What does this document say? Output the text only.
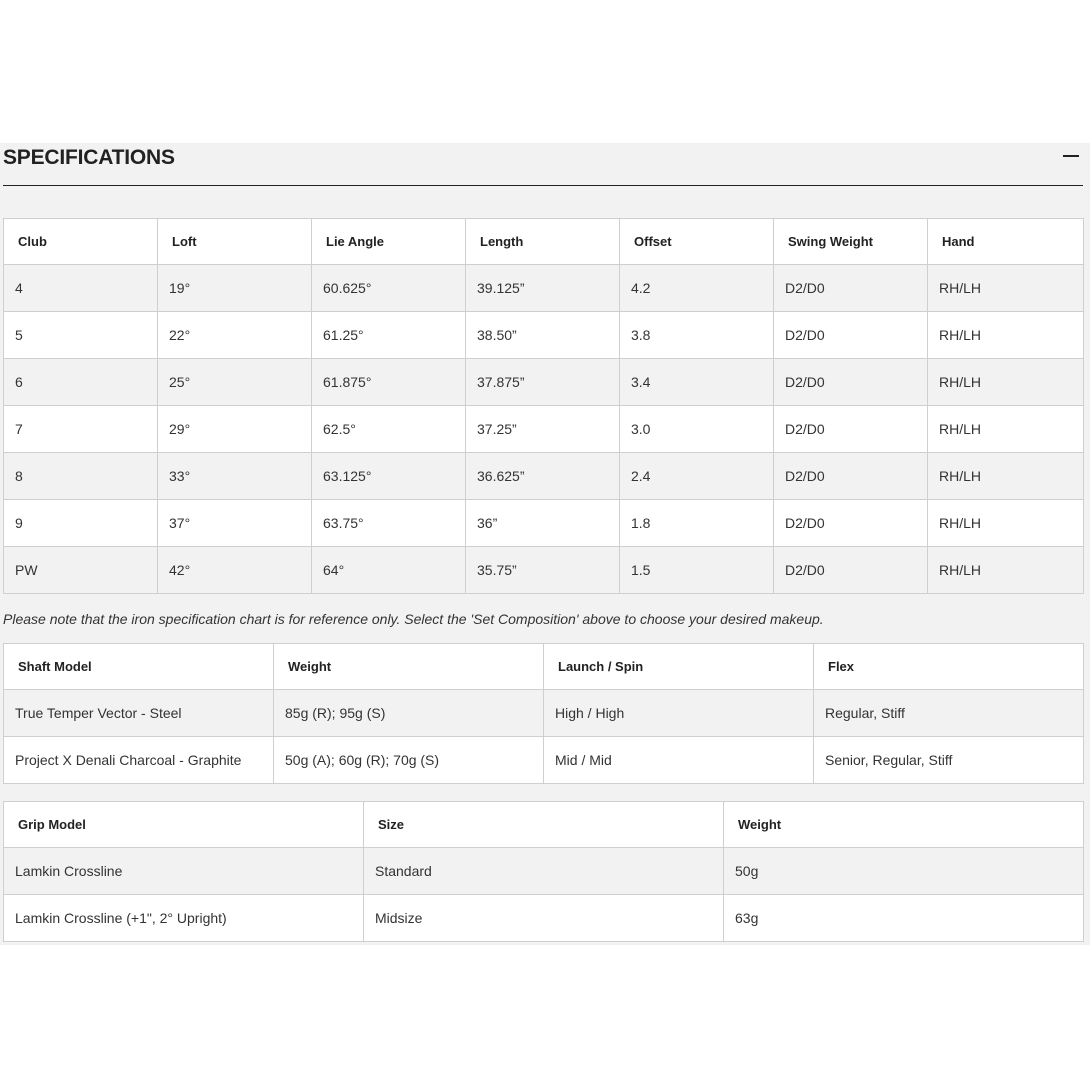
SPECIFICATIONS
Club	Loft	Lie Angle	Length	Offset	Swing Weight	Hand
4	19°	60.625°	39.125”	4.2	D2/D0	RH/LH
5	22°	61.25°	38.50”	3.8	D2/D0	RH/LH
6	25°	61.875°	37.875”	3.4	D2/D0	RH/LH
7	29°	62.5°	37.25”	3.0	D2/D0	RH/LH
8	33°	63.125°	36.625”	2.4	D2/D0	RH/LH
9	37°	63.75°	36”	1.8	D2/D0	RH/LH
PW	42°	64°	35.75”	1.5	D2/D0	RH/LH
Please note that the iron specification chart is for reference only. Select the 'Set Composition' above to choose your desired makeup.
Shaft Model	Weight	Launch / Spin	Flex
True Temper Vector - Steel	85g (R); 95g (S)	High / High	Regular, Stiff
Project X Denali Charcoal - Graphite	50g (A); 60g (R); 70g (S)	Mid / Mid	Senior, Regular, Stiff
Grip Model	Size	Weight
Lamkin Crossline	Standard	50g
Lamkin Crossline (+1", 2° Upright)	Midsize	63g
